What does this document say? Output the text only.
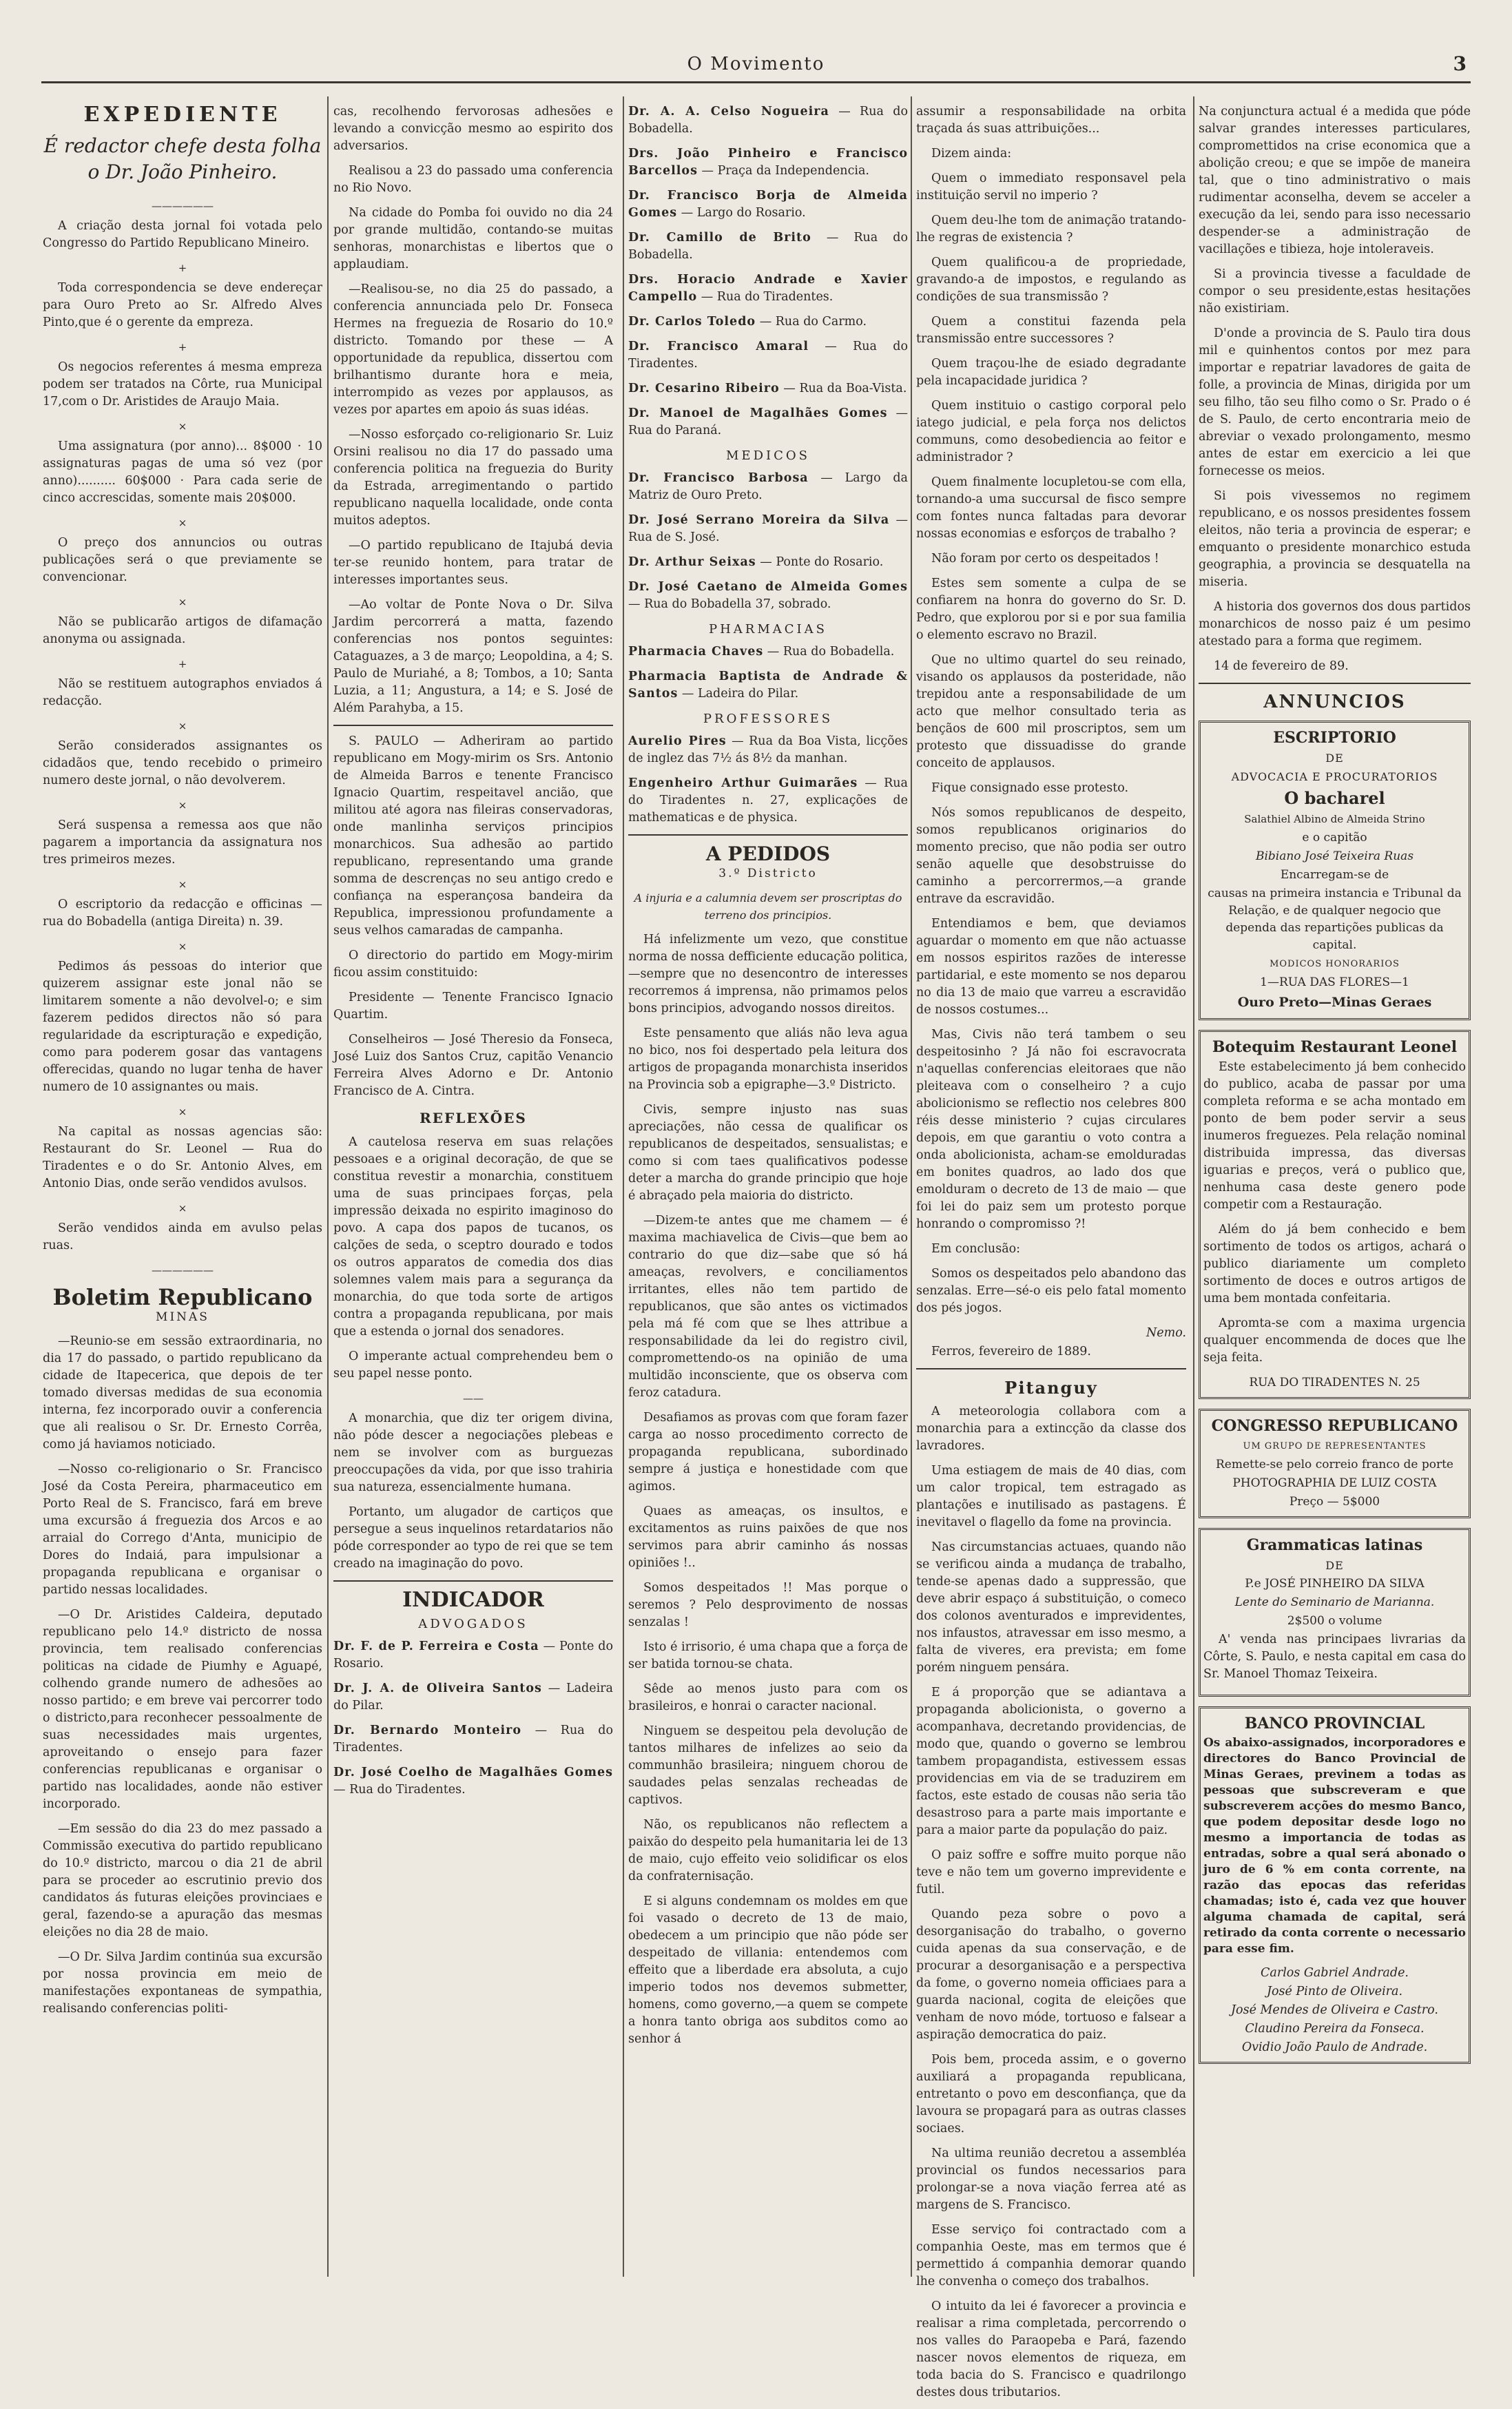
O Movimento	3
EXPEDIENTE
É redactor chefe desta folha o Dr. João Pinheiro.
——————

A criação desta jornal foi votada pelo Congresso do Partido Republicano Mineiro.

+

Toda correspondencia se deve endereçar para Ouro Preto ao Sr. Alfredo Alves Pinto,que é o gerente da empreza.

+

Os negocios referentes á mesma empreza podem ser tratados na Côrte, rua Municipal 17,com o Dr. Aristides de Araujo Maia.

×

Uma assignatura (por anno)... 8$000 · 10 assignaturas pagas de uma só vez (por anno).......... 60$000 · Para cada serie de cinco accrescidas, somente mais 20$000.

×

O preço dos annuncios ou outras publicações será o que previamente se convencionar.

×

Não se publicarão artigos de difamação anonyma ou assignada.

+

Não se restituem autographos enviados á redacção.

×

Serão considerados assignantes os cidadãos que, tendo recebido o primeiro numero deste jornal, o não devolverem.

×

Será suspensa a remessa aos que não pagarem a importancia da assignatura nos tres primeiros mezes.

×

O escriptorio da redacção e officinas — rua do Bobadella (antiga Direita) n. 39.

×

Pedimos ás pessoas do interior que quizerem assignar este jonal não se limitarem somente a não devolvel-o; e sim fazerem pedidos directos não só para regularidade da escripturação e expedição, como para poderem gosar das vantagens offerecidas, quando no lugar tenha de haver numero de 10 assignantes ou mais.

×

Na capital as nossas agencias são: Restaurant do Sr. Leonel — Rua do Tiradentes e o do Sr. Antonio Alves, em Antonio Dias, onde serão vendidos avulsos.

×

Serão vendidos ainda em avulso pelas ruas.

——————
Boletim Republicano
MINAS

—Reunio-se em sessão extraordinaria, no dia 17 do passado, o partido republicano da cidade de Itapecerica, que depois de ter tomado diversas medidas de sua economia interna, fez incorporado ouvir a conferencia que ali realisou o Sr. Dr. Ernesto Corrêa, como já haviamos noticiado.

—Nosso co-religionario o Sr. Francisco José da Costa Pereira, pharmaceutico em Porto Real de S. Francisco, fará em breve uma excursão á freguezia dos Arcos e ao arraial do Corrego d'Anta, municipio de Dores do Indaiá, para impulsionar a propaganda republicana e organisar o partido nessas localidades.

—O Dr. Aristides Caldeira, deputado republicano pelo 14.º districto de nossa provincia, tem realisado conferencias politicas na cidade de Piumhy e Aguapé, colhendo grande numero de adhesões ao nosso partido; e em breve vai percorrer todo o districto,para reconhecer pessoalmente de suas necessidades mais urgentes, aproveitando o ensejo para fazer conferencias republicanas e organisar o partido nas localidades, aonde não estiver incorporado.

—Em sessão do dia 23 do mez passado a Commissão executiva do partido republicano do 10.º districto, marcou o dia 21 de abril para se proceder ao escrutinio previo dos candidatos ás futuras eleições provinciaes e geral, fazendo-se a apuração das mesmas eleições no dia 28 de maio.

—O Dr. Silva Jardim continúa sua excursão por nossa provincia em meio de manifestações expontaneas de sympathia, realisando conferencias politi-

cas, recolhendo fervorosas adhesões e levando a convicção mesmo ao espirito dos adversarios.

Realisou a 23 do passado uma conferencia no Rio Novo.

Na cidade do Pomba foi ouvido no dia 24 por grande multidão, contando-se muitas senhoras, monarchistas e libertos que o applaudiam.

—Realisou-se, no dia 25 do passado, a conferencia annunciada pelo Dr. Fonseca Hermes na freguezia de Rosario do 10.º districto. Tomando por these — A opportunidade da republica, dissertou com brilhantismo durante hora e meia, interrompido as vezes por applausos, as vezes por apartes em apoio ás suas idéas.

—Nosso esforçado co-religionario Sr. Luiz Orsini realisou no dia 17 do passado uma conferencia politica na freguezia do Burity da Estrada, arregimentando o partido republicano naquella localidade, onde conta muitos adeptos.

—O partido republicano de Itajubá devia ter-se reunido hontem, para tratar de interesses importantes seus.

—Ao voltar de Ponte Nova o Dr. Silva Jardim percorrerá a matta, fazendo conferencias nos pontos seguintes: Cataguazes, a 3 de março; Leopoldina, a 4; S. Paulo de Muriahé, a 8; Tombos, a 10; Santa Luzia, a 11; Angustura, a 14; e S. José de Além Parahyba, a 15.

S. PAULO — Adheriram ao partido republicano em Mogy-mirim os Srs. Antonio de Almeida Barros e tenente Francisco Ignacio Quartim, respeitavel ancião, que militou até agora nas fileiras conservadoras, onde manlinha serviços principios monarchicos. Sua adhesão ao partido republicano, representando uma grande somma de descrenças no seu antigo credo e confiança na esperançosa bandeira da Republica, impressionou profundamente a seus velhos camaradas de campanha.

O directorio do partido em Mogy-mirim ficou assim constituido:

Presidente — Tenente Francisco Ignacio Quartim.

Conselheiros — José Theresio da Fonseca, José Luiz dos Santos Cruz, capitão Venancio Ferreira Alves Adorno e Dr. Antonio Francisco de A. Cintra.

REFLEXÕES

A cautelosa reserva em suas relações pessoaes e a original decoração, de que se constitua revestir a monarchia, constituem uma de suas principaes forças, pela impressão deixada no espirito imaginoso do povo. A capa dos papos de tucanos, os calções de seda, o sceptro dourado e todos os outros apparatos de comedia dos dias solemnes valem mais para a segurança da monarchia, do que toda sorte de artigos contra a propaganda republicana, por mais que a estenda o jornal dos senadores.

O imperante actual comprehendeu bem o seu papel nesse ponto.

——

A monarchia, que diz ter origem divina, não póde descer a negociações plebeas e nem se involver com as burguezas preoccupações da vida, por que isso trahiria sua natureza, essencialmente humana.

Portanto, um alugador de cartiços que persegue a seus inquelinos retardatarios não póde corresponder ao typo de rei que se tem creado na imaginação do povo.

INDICADOR
ADVOGADOS

Dr. F. de P. Ferreira e Costa — Ponte do Rosario.

Dr. J. A. de Oliveira Santos — Ladeira do Pilar.

Dr. Bernardo Monteiro — Rua do Tiradentes.

Dr. José Coelho de Magalhães Gomes — Rua do Tiradentes.

Dr. A. A. Celso Nogueira — Rua do Bobadella.

Drs. João Pinheiro e Francisco Barcellos — Praça da Independencia.

Dr. Francisco Borja de Almeida Gomes — Largo do Rosario.

Dr. Camillo de Brito — Rua do Bobadella.

Drs. Horacio Andrade e Xavier Campello — Rua do Tiradentes.

Dr. Carlos Toledo — Rua do Carmo.

Dr. Francisco Amaral — Rua do Tiradentes.

Dr. Cesarino Ribeiro — Rua da Boa-Vista.

Dr. Manoel de Magalhães Gomes — Rua do Paraná.

MEDICOS

Dr. Francisco Barbosa — Largo da Matriz de Ouro Preto.

Dr. José Serrano Moreira da Silva — Rua de S. José.

Dr. Arthur Seixas — Ponte do Rosario.

Dr. José Caetano de Almeida Gomes — Rua do Bobadella 37, sobrado.

PHARMACIAS

Pharmacia Chaves — Rua do Bobadella.

Pharmacia Baptista de Andrade & Santos — Ladeira do Pilar.

PROFESSORES

Aurelio Pires — Rua da Boa Vista, licções de inglez das 7½ ás 8½ da manhan.

Engenheiro Arthur Guimarães — Rua do Tiradentes n. 27, explicações de mathematicas e de physica.

A PEDIDOS
3.º Districto

A injuria e a calumnia devem ser proscriptas do terreno dos principios.

Há infelizmente um vezo, que constitue norma de nossa defficiente educação politica,—sempre que no desencontro de interesses recorremos á imprensa, não primamos pelos bons principios, advogando nossos direitos.

Este pensamento que aliás não leva agua no bico, nos foi despertado pela leitura dos artigos de propaganda monarchista inseridos na Provincia sob a epigraphe—3.º Districto.

Civis, sempre injusto nas suas apreciações, não cessa de qualificar os republicanos de despeitados, sensualistas; e como si com taes qualificativos podesse deter a marcha do grande principio que hoje é abraçado pela maioria do districto.

—Dizem-te antes que me chamem — é maxima machiavelica de Civis—que bem ao contrario do que diz—sabe que só há ameaças, revolvers, e conciliamentos irritantes, elles não tem partido de republicanos, que são antes os victimados pela má fé com que se lhes attribue a responsabilidade da lei do registro civil, compromettendo-os na opinião de uma multidão inconsciente, que os observa com feroz catadura.

Desafiamos as provas com que foram fazer carga ao nosso procedimento correcto de propaganda republicana, subordinado sempre á justiça e honestidade com que agimos.

Quaes as ameaças, os insultos, e excitamentos as ruins paixões de que nos servimos para abrir caminho ás nossas opiniões !..

Somos despeitados !! Mas porque o seremos ? Pelo desprovimento de nossas senzalas !

Isto é irrisorio, é uma chapa que a força de ser batida tornou-se chata.

Sêde ao menos justo para com os brasileiros, e honrai o caracter nacional.

Ninguem se despeitou pela devolução de tantos milhares de infelizes ao seio da communhão brasileira; ninguem chorou de saudades pelas senzalas recheadas de captivos.

Não, os republicanos não reflectem a paixão do despeito pela humanitaria lei de 13 de maio, cujo effeito veio solidificar os elos da confraternisação.

E si alguns condemnam os moldes em que foi vasado o decreto de 13 de maio, obedecem a um principio que não póde ser despeitado de villania: entendemos com effeito que a liberdade era absoluta, a cujo imperio todos nos devemos submetter, homens, como governo,—a quem se compete a honra tanto obriga aos subditos como ao senhor á

assumir a responsabilidade na orbita traçada ás suas attribuições...

Dizem ainda:

Quem o immediato responsavel pela instituição servil no imperio ?

Quem deu-lhe tom de animação tratando-lhe regras de existencia ?

Quem qualificou-a de propriedade, gravando-a de impostos, e regulando as condições de sua transmissão ?

Quem a constitui fazenda pela transmissão entre successores ?

Quem traçou-lhe de esiado degradante pela incapacidade juridica ?

Quem instituio o castigo corporal pelo iatego judicial, e pela força nos delictos communs, como desobediencia ao feitor e administrador ?

Quem finalmente locupletou-se com ella, tornando-a uma succursal de fisco sempre com fontes nunca faltadas para devorar nossas economias e esforços de trabalho ?

Não foram por certo os despeitados !

Estes sem somente a culpa de se confiarem na honra do governo do Sr. D. Pedro, que explorou por si e por sua familia o elemento escravo no Brazil.

Que no ultimo quartel do seu reinado, visando os applausos da posteridade, não trepidou ante a responsabilidade de um acto que melhor consultado teria as bençãos de 600 mil proscriptos, sem um protesto que dissuadisse do grande conceito de applausos.

Fique consignado esse protesto.

Nós somos republicanos de despeito, somos republicanos originarios do momento preciso, que não podia ser outro senão aquelle que desobstruisse do caminho a percorrermos,—a grande entrave da escravidão.

Entendiamos e bem, que deviamos aguardar o momento em que não actuasse em nossos espiritos razões de interesse partidarial, e este momento se nos deparou no dia 13 de maio que varreu a escravidão de nossos costumes...

Mas, Civis não terá tambem o seu despeitosinho ? Já não foi escravocrata n'aquellas conferencias eleitoraes que não pleiteava com o conselheiro ? a cujo abolicionismo se reflectio nos celebres 800 réis desse ministerio ? cujas circulares depois, em que garantiu o voto contra a onda abolicionista, acham-se emolduradas em bonites quadros, ao lado dos que emolduram o decreto de 13 de maio — que foi lei do paiz sem um protesto porque honrando o compromisso ?!

Em conclusão:

Somos os despeitados pelo abandono das senzalas. Erre—sé-o eis pelo fatal momento dos pés jogos.

Nemo.

Ferros, fevereiro de 1889.

Pitanguy

A meteorologia collabora com a monarchia para a extincção da classe dos lavradores.

Uma estiagem de mais de 40 dias, com um calor tropical, tem estragado as plantações e inutilisado as pastagens. É inevitavel o flagello da fome na provincia.

Nas circumstancias actuaes, quando não se verificou ainda a mudança de trabalho, tende-se apenas dado a suppressão, que deve abrir espaço á substituição, o comeco dos colonos aventurados e imprevidentes, nos infaustos, atravessar em isso mesmo, a falta de viveres, era prevista; em fome porém ninguem pensára.

E á proporção que se adiantava a propaganda abolicionista, o governo a acompanhava, decretando providencias, de modo que, quando o governo se lembrou tambem propagandista, estivessem essas providencias em via de se traduzirem em factos, este estado de cousas não seria tão desastroso para a parte mais importante e para a maior parte da população do paiz.

O paiz soffre e soffre muito porque não teve e não tem um governo imprevidente e futil.

Quando peza sobre o povo a desorganisação do trabalho, o governo cuida apenas da sua conservação, e de procurar a desorganisação e a perspectiva da fome, o governo nomeia officiaes para a guarda nacional, cogita de eleições que venham de novo móde, tortuoso e falsear a aspiração democratica do paiz.

Pois bem, proceda assim, e o governo auxiliará a propaganda republicana, entretanto o povo em desconfiança, que da lavoura se propagará para as outras classes sociaes.

Na ultima reunião decretou a assembléa provincial os fundos necessarios para prolongar-se a nova viação ferrea até as margens de S. Francisco.

Esse serviço foi contractado com a companhia Oeste, mas em termos que é permettido á companhia demorar quando lhe convenha o começo dos trabalhos.

O intuito da lei é favorecer a provincia e realisar a rima completada, percorrendo o nos valles do Paraopeba e Pará, fazendo nascer novos elementos de riqueza, em toda bacia do S. Francisco e quadrilongo destes dous tributarios.

Na conjunctura actual é a medida que póde salvar grandes interesses particulares, compromettidos na crise economica que a abolição creou; e que se impõe de maneira tal, que o tino administrativo o mais rudimentar aconselha, devem se acceler a execução da lei, sendo para isso necessario despender-se a administração de vacillações e tibieza, hoje intoleraveis.

Si a provincia tivesse a faculdade de compor o seu presidente,estas hesitações não existiriam.

D'onde a provincia de S. Paulo tira dous mil e quinhentos contos por mez para importar e repatriar lavadores de gaita de folle, a provincia de Minas, dirigida por um seu filho, tão seu filho como o Sr. Prado o é de S. Paulo, de certo encontraria meio de abreviar o vexado prolongamento, mesmo antes de estar em exercicio a lei que fornecesse os meios.

Si pois vivessemos no regimem republicano, e os nossos presidentes fossem eleitos, não teria a provincia de esperar; e emquanto o presidente monarchico estuda geographia, a provincia se desquatella na miseria.

A historia dos governos dos dous partidos monarchicos de nosso paiz é um pesimo atestado para a forma que regimem.

14 de fevereiro de 89.

ANNUNCIOS
ESCRIPTORIO
DE
ADVOCACIA E PROCURATORIOS
O bacharel
Salathiel Albino de Almeida Strino
e o capitão
Bibiano José Teixeira Ruas
Encarregam-se de
causas na primeira instancia e Tribunal da Relação, e de qualquer negocio que dependa das repartições publicas da capital.
MODICOS HONORARIOS
1—RUA DAS FLORES—1
Ouro Preto—Minas Geraes
Botequim Restaurant Leonel

Este estabelecimento já bem conhecido do publico, acaba de passar por uma completa reforma e se acha montado em ponto de bem poder servir a seus inumeros freguezes. Pela relação nominal distribuida impressa, das diversas iguarias e preços, verá o publico que, nenhuma casa deste genero pode competir com a Restauração.

Além do já bem conhecido e bem sortimento de todos os artigos, achará o publico diariamente um completo sortimento de doces e outros artigos de uma bem montada confeitaria.

Apromta-se com a maxima urgencia qualquer encommenda de doces que lhe seja feita.

RUA DO TIRADENTES N. 25
CONGRESSO REPUBLICANO
UM GRUPO DE REPRESENTANTES
Remette-se pelo correio franco de porte
PHOTOGRAPHIA DE LUIZ COSTA
Preço — 5$000
Grammaticas latinas
DE
P.e JOSÉ PINHEIRO DA SILVA
Lente do Seminario de Marianna.
2$500 o volume

A' venda nas principaes livrarias da Côrte, S. Paulo, e nesta capital em casa do Sr. Manoel Thomaz Teixeira.

BANCO PROVINCIAL

Os abaixo-assignados, incorporadores e directores do Banco Provincial de Minas Geraes, previnem a todas as pessoas que subscreveram e que subscreverem acções do mesmo Banco, que podem depositar desde logo no mesmo a importancia de todas as entradas, sobre a qual será abonado o juro de 6 % em conta corrente, na razão das epocas das referidas chamadas; isto é, cada vez que houver alguma chamada de capital, será retirado da conta corrente o necessario para esse fim.

Carlos Gabriel Andrade.
José Pinto de Oliveira.
José Mendes de Oliveira e Castro.
Claudino Pereira da Fonseca.
Ovidio João Paulo de Andrade.
